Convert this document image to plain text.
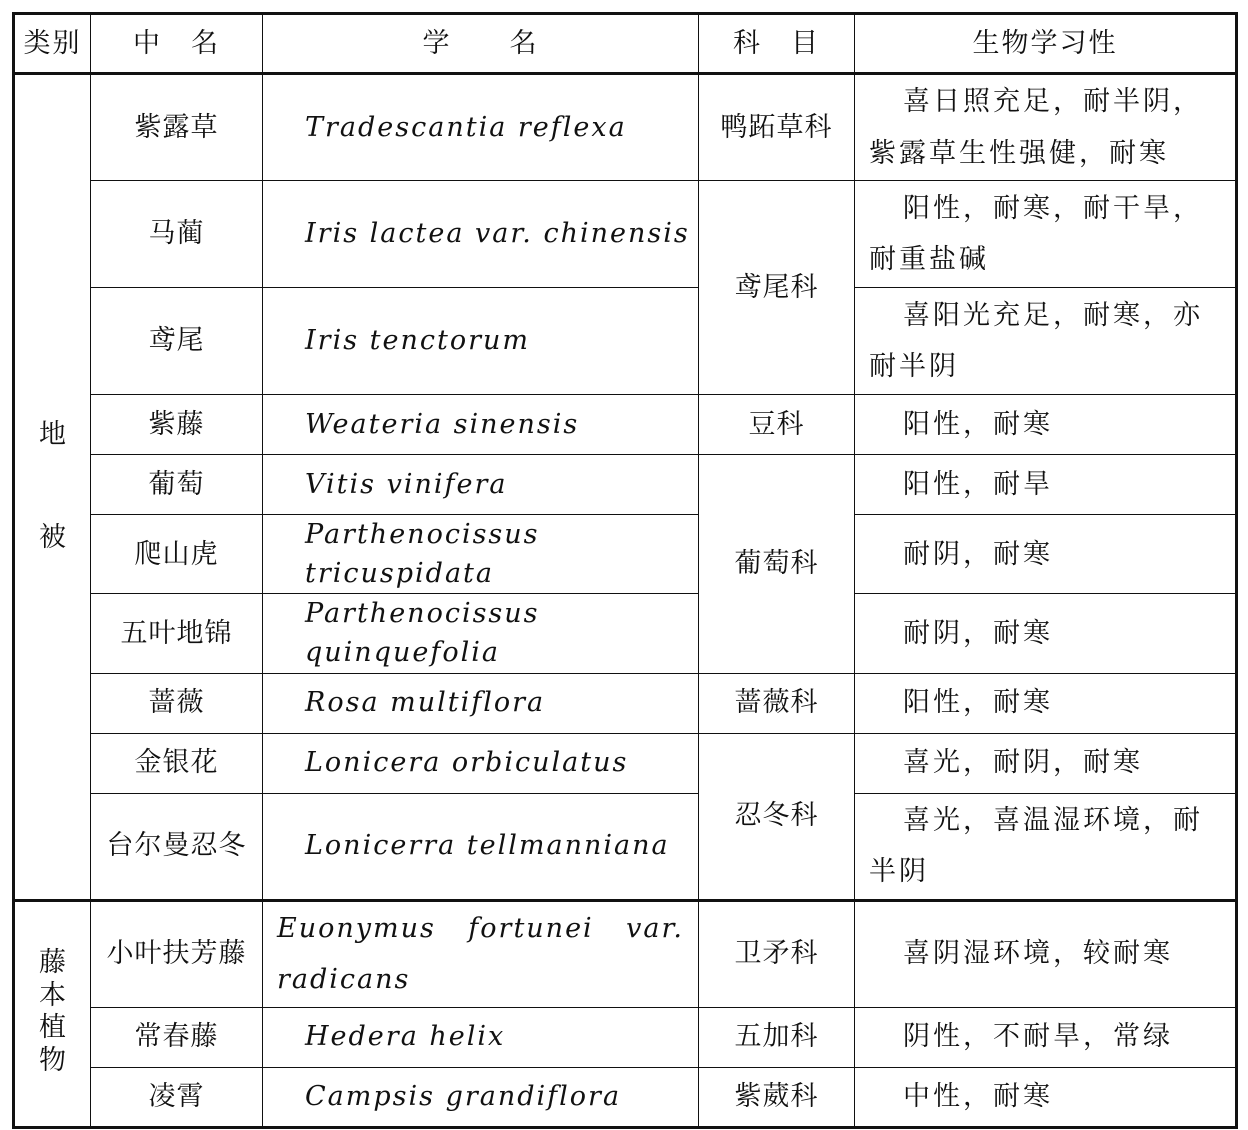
类别	中　名	学　　名	科　目	生物学习性
地被	紫露草	Tradescantia reflexa	鸭跖草科	喜日照充足，耐半阴，紫露草生性强健，耐寒
	马蔺	Iris lactea var. chinensis	鸢尾科	阳性，耐寒，耐干旱，耐重盐碱
	鸢尾	Iris tenctorum		喜阳光充足，耐寒，亦耐半阴
	紫藤	Weateria sinensis	豆科	阳性，耐寒
	葡萄	Vitis vinifera	葡萄科	阳性，耐旱
	爬山虎	Parthenocissus tricuspidata		耐阴，耐寒
	五叶地锦	Parthenocissus quinquefolia		耐阴，耐寒
	蔷薇	Rosa multiflora	蔷薇科	阳性，耐寒
	金银花	Lonicera orbiculatus	忍冬科	喜光，耐阴，耐寒
	台尔曼忍冬	Lonicerra tellmanniana		喜光，喜温湿环境，耐半阴
藤本植物	小叶扶芳藤	Euonymus fortunei var. radicans	卫矛科	喜阴湿环境，较耐寒
	常春藤	Hedera helix	五加科	阴性，不耐旱，常绿
	凌霄	Campsis grandiflora	紫葳科	中性，耐寒
